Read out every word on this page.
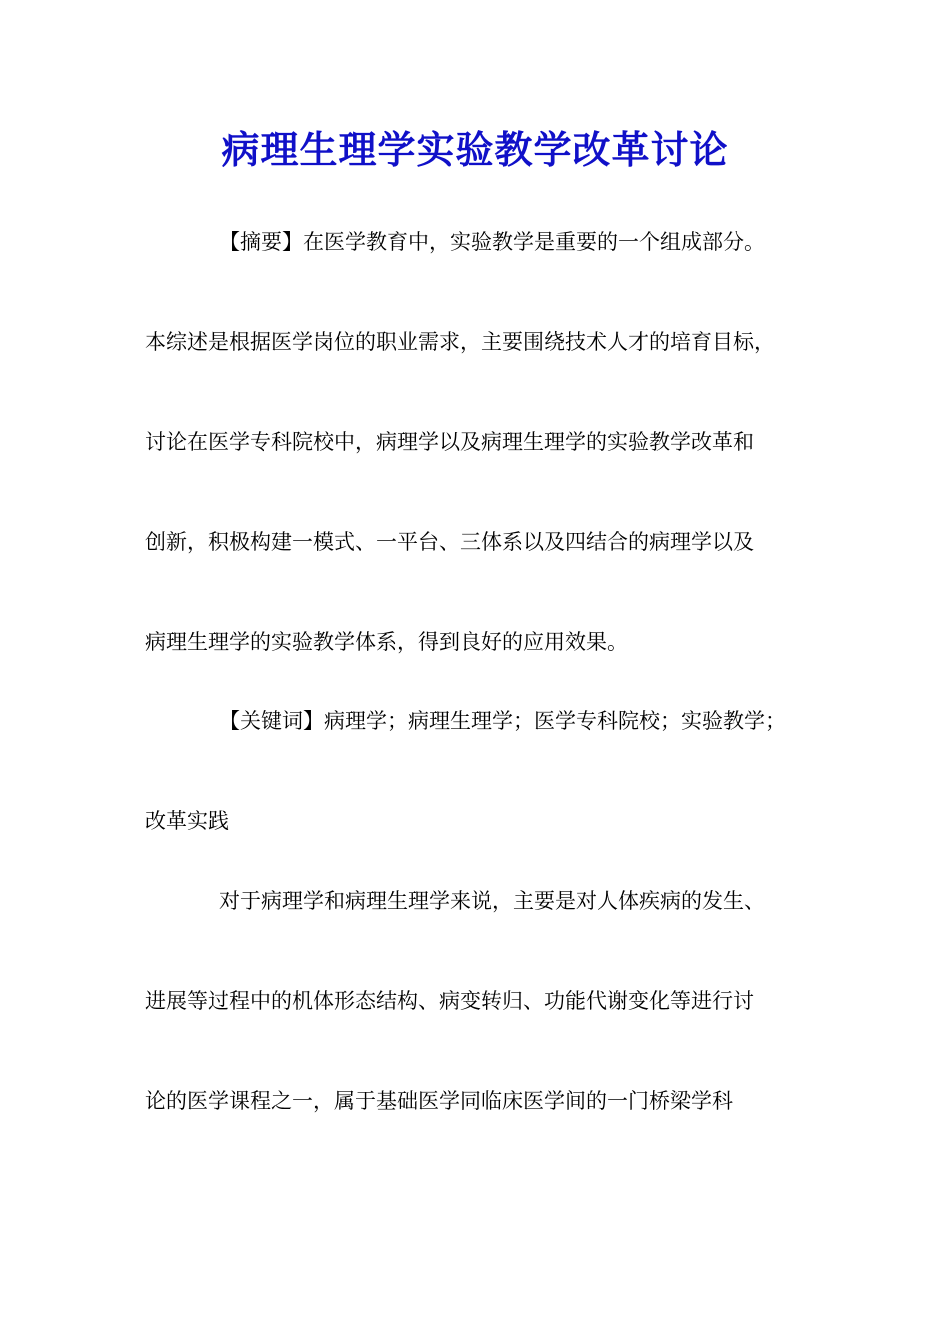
病理生理学实验教学改革讨论
【摘要】在医学教育中，实验教学是重要的一个组成部分。
本综述是根据医学岗位的职业需求，主要围绕技术人才的培育目标，
讨论在医学专科院校中，病理学以及病理生理学的实验教学改革和
创新，积极构建一模式、一平台、三体系以及四结合的病理学以及
病理生理学的实验教学体系，得到良好的应用效果。
【关键词】病理学；病理生理学；医学专科院校；实验教学；
改革实践
对于病理学和病理生理学来说，主要是对人体疾病的发生、
进展等过程中的机体形态结构、病变转归、功能代谢变化等进行讨
论的医学课程之一，属于基础医学同临床医学间的一门桥梁学科
